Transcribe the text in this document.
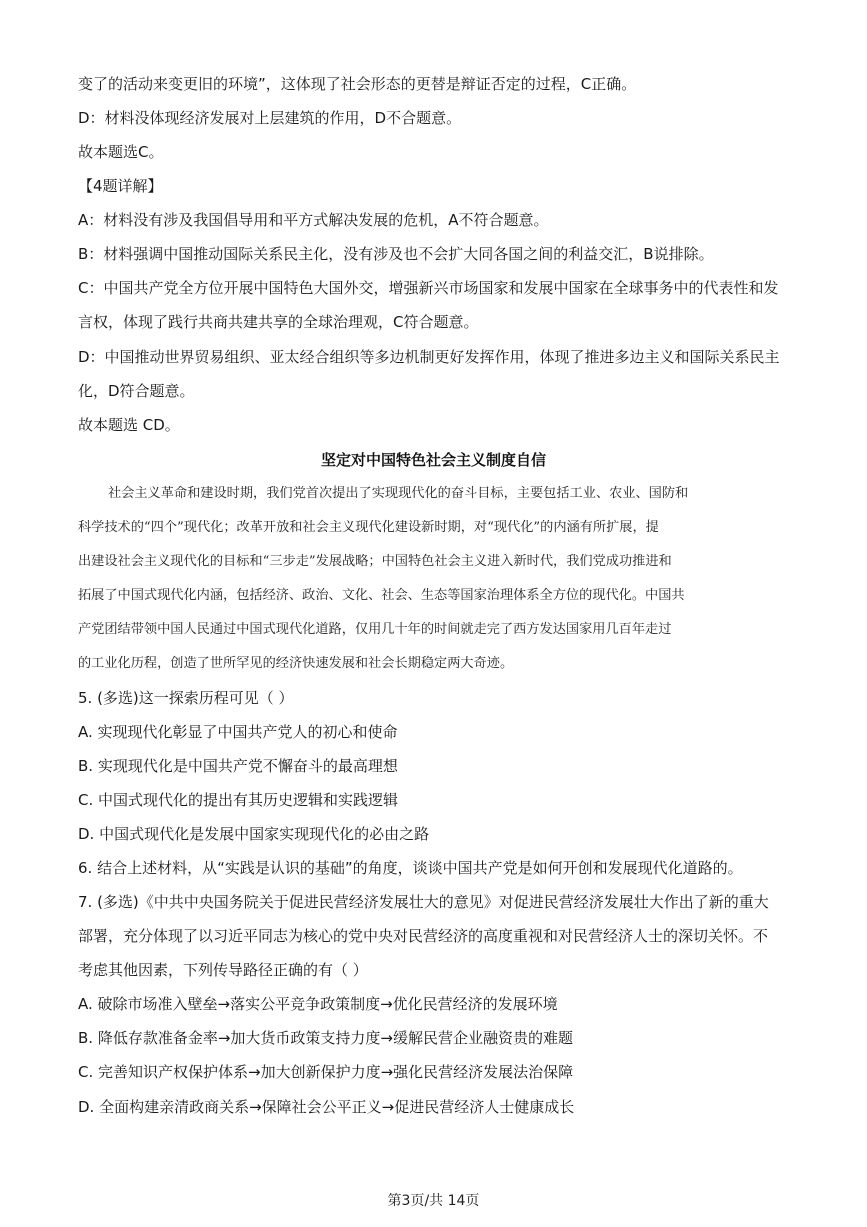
变了的活动来变更旧的环境”，这体现了社会形态的更替是辩证否定的过程，C正确。
D：材料没体现经济发展对上层建筑的作用，D不合题意。
故本题选C。
【4题详解】
A：材料没有涉及我国倡导用和平方式解决发展的危机，A不符合题意。
B：材料强调中国推动国际关系民主化，没有涉及也不会扩大同各国之间的利益交汇，B说排除。
C：中国共产党全方位开展中国特色大国外交，增强新兴市场国家和发展中国家在全球事务中的代表性和发
言权，体现了践行共商共建共享的全球治理观，C符合题意。
D：中国推动世界贸易组织、亚太经合组织等多边机制更好发挥作用，体现了推进多边主义和国际关系民主
化，D符合题意。
故本题选 CD。
坚定对中国特色社会主义制度自信
社会主义革命和建设时期，我们党首次提出了实现现代化的奋斗目标，主要包括工业、农业、国防和
科学技术的“四个”现代化；改革开放和社会主义现代化建设新时期，对“现代化”的内涵有所扩展，提
出建设社会主义现代化的目标和“三步走”发展战略；中国特色社会主义进入新时代，我们党成功推进和
拓展了中国式现代化内涵，包括经济、政治、文化、社会、生态等国家治理体系全方位的现代化。中国共
产党团结带领中国人民通过中国式现代化道路，仅用几十年的时间就走完了西方发达国家用几百年走过
的工业化历程，创造了世所罕见的经济快速发展和社会长期稳定两大奇迹。
5. (多选)这一探索历程可见（ ）
A. 实现现代化彰显了中国共产党人的初心和使命
B. 实现现代化是中国共产党不懈奋斗的最高理想
C. 中国式现代化的提出有其历史逻辑和实践逻辑
D. 中国式现代化是发展中国家实现现代化的必由之路
6. 结合上述材料，从“实践是认识的基础”的角度，谈谈中国共产党是如何开创和发展现代化道路的。
7. (多选)《中共中央国务院关于促进民营经济发展壮大的意见》对促进民营经济发展壮大作出了新的重大
部署，充分体现了以习近平同志为核心的党中央对民营经济的高度重视和对民营经济人士的深切关怀。不
考虑其他因素，下列传导路径正确的有（ ）
A. 破除市场准入壁垒→落实公平竞争政策制度→优化民营经济的发展环境
B. 降低存款准备金率→加大货币政策支持力度→缓解民营企业融资贵的难题
C. 完善知识产权保护体系→加大创新保护力度→强化民营经济发展法治保障
D. 全面构建亲清政商关系→保障社会公平正义→促进民营经济人士健康成长
第3页/共 14页
